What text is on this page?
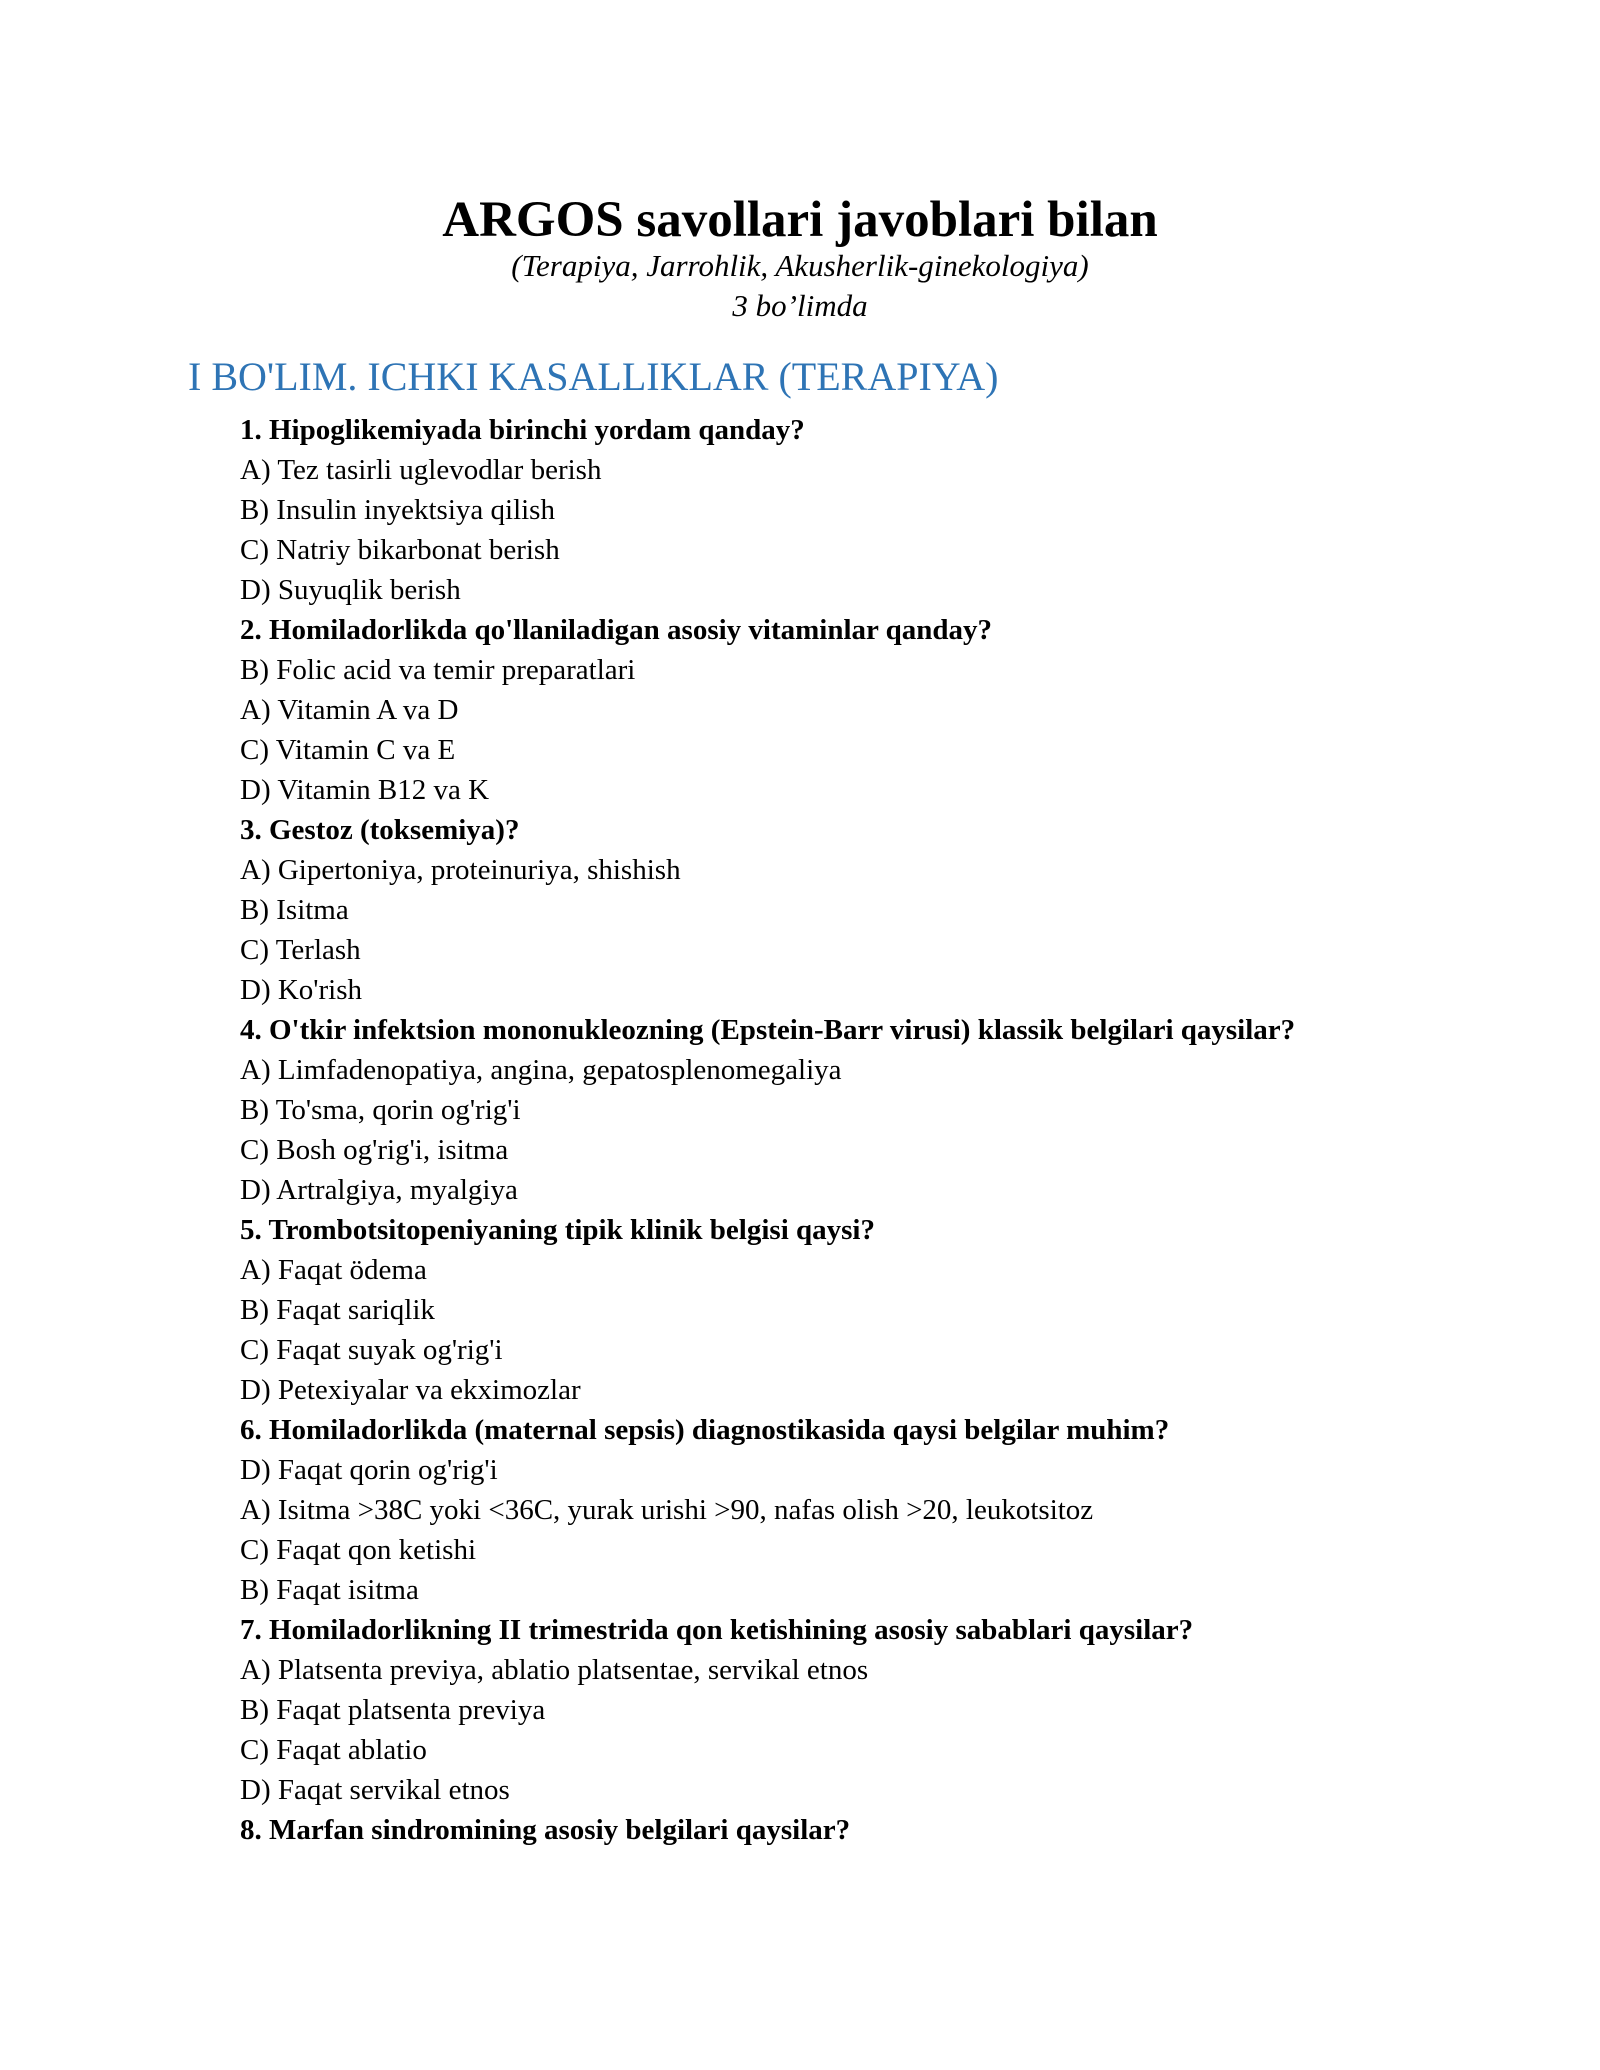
ARGOS savollari javoblari bilan
(Terapiya, Jarrohlik, Akusherlik-ginekologiya)
3 bo’limda
I BO'LIM. ICHKI KASALLIKLAR (TERAPIYA)
1. Hipoglikemiyada birinchi yordam qanday?
A) Tez tasirli uglevodlar berish
B) Insulin inyektsiya qilish
C) Natriy bikarbonat berish
D) Suyuqlik berish
2. Homiladorlikda qo'llaniladigan asosiy vitaminlar qanday?
B) Folic acid va temir preparatlari
A) Vitamin A va D
C) Vitamin C va E
D) Vitamin B12 va K
3. Gestoz (toksemiya)?
A) Gipertoniya, proteinuriya, shishish
B) Isitma
C) Terlash
D) Ko'rish
4. O'tkir infektsion mononukleozning (Epstein-Barr virusi) klassik belgilari qaysilar?
A) Limfadenopatiya, angina, gepatosplenomegaliya
B) To'sma, qorin og'rig'i
C) Bosh og'rig'i, isitma
D) Artralgiya, myalgiya
5. Trombotsitopeniyaning tipik klinik belgisi qaysi?
A) Faqat ödema
B) Faqat sariqlik
C) Faqat suyak og'rig'i
D) Petexiyalar va ekximozlar
6. Homiladorlikda (maternal sepsis) diagnostikasida qaysi belgilar muhim?
D) Faqat qorin og'rig'i
A) Isitma >38C yoki <36C, yurak urishi >90, nafas olish >20, leukotsitoz
C) Faqat qon ketishi
B) Faqat isitma
7. Homiladorlikning II trimestrida qon ketishining asosiy sabablari qaysilar?
A) Platsenta previya, ablatio platsentae, servikal etnos
B) Faqat platsenta previya
C) Faqat ablatio
D) Faqat servikal etnos
8. Marfan sindromining asosiy belgilari qaysilar?
